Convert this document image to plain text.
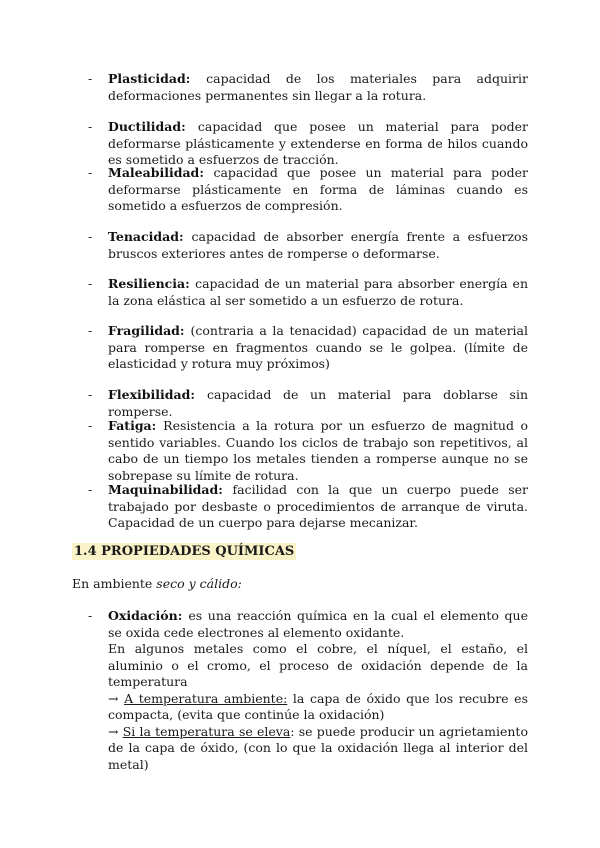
- Plasticidad: capacidad de los materiales para adquirir deformaciones permanentes sin llegar a la rotura.
- Ductilidad: capacidad que posee un material para poder deformarse plásticamente y extenderse en forma de hilos cuando es sometido a esfuerzos de tracción.
- Maleabilidad: capacidad que posee un material para poder deformarse plásticamente en forma de láminas cuando es sometido a esfuerzos de compresión.
- Tenacidad: capacidad de absorber energía frente a esfuerzos bruscos exteriores antes de romperse o deformarse.
- Resiliencia: capacidad de un material para absorber energía en la zona elástica al ser sometido a un esfuerzo de rotura.
- Fragilidad: (contraria a la tenacidad) capacidad de un material para romperse en fragmentos cuando se le golpea. (límite de elasticidad y rotura muy próximos)
- Flexibilidad: capacidad de un material para doblarse sin romperse.
- Fatiga: Resistencia a la rotura por un esfuerzo de magnitud o sentido variables. Cuando los ciclos de trabajo son repetitivos, al cabo de un tiempo los metales tienden a romperse aunque no se sobrepase su límite de rotura.
- Maquinabilidad: facilidad con la que un cuerpo puede ser trabajado por desbaste o procedimientos de arranque de viruta. Capacidad de un cuerpo para dejarse mecanizar.
1.4 PROPIEDADES QUÍMICAS
En ambiente seco y cálido:
- Oxidación: es una reacción química en la cual el elemento que se oxida cede electrones al elemento oxidante.
En algunos metales como el cobre, el níquel, el estaño, el aluminio o el cromo, el proceso de oxidación depende de la temperatura
→ A temperatura ambiente: la capa de óxido que los recubre es compacta, (evita que continúe la oxidación)
→ Si la temperatura se eleva: se puede producir un agrietamiento de la capa de óxido, (con lo que la oxidación llega al interior del metal)
